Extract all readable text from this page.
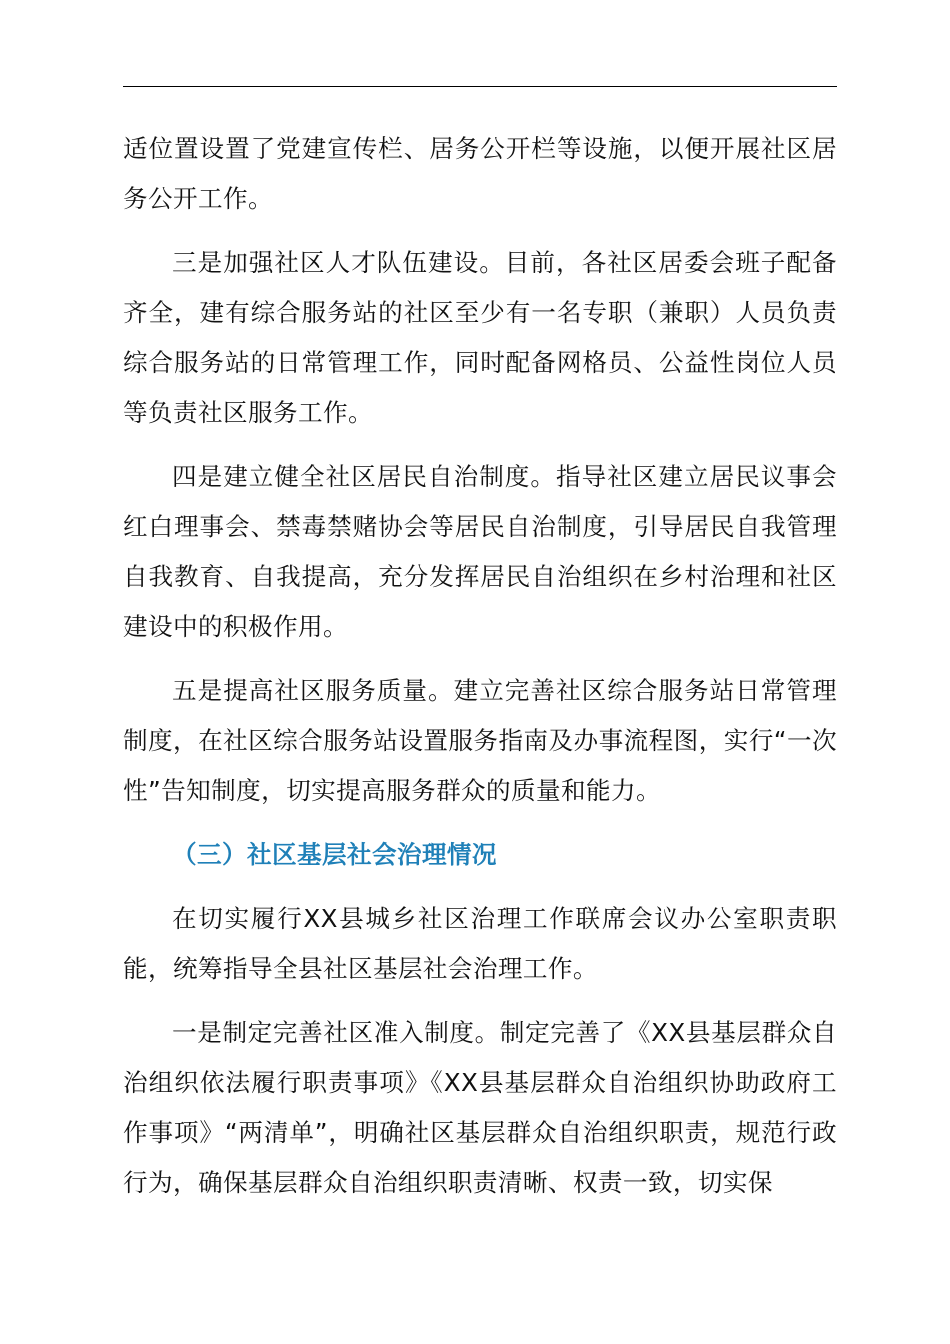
适位置设置了党建宣传栏、居务公开栏等设施，以便开展社区居务公开工作。

三是加强社区人才队伍建设。目前，各社区居委会班子配备齐全，建有综合服务站的社区至少有一名专职（兼职）人员负责综合服务站的日常管理工作，同时配备网格员、公益性岗位人员等负责社区服务工作。

四是建立健全社区居民自治制度。指导社区建立居民议事会红白理事会、禁毒禁赌协会等居民自治制度，引导居民自我管理自我教育、自我提高，充分发挥居民自治组织在乡村治理和社区建设中的积极作用。

五是提高社区服务质量。建立完善社区综合服务站日常管理制度，在社区综合服务站设置服务指南及办事流程图，实行“一次性”告知制度，切实提高服务群众的质量和能力。

（三）社区基层社会治理情况

在切实履行XX县城乡社区治理工作联席会议办公室职责职能，统筹指导全县社区基层社会治理工作。

一是制定完善社区准入制度。制定完善了《XX县基层群众自治组织依法履行职责事项》《XX县基层群众自治组织协助政府工作事项》“两清单”，明确社区基层群众自治组织职责，规范行政行为，确保基层群众自治组织职责清晰、权责一致，切实保
